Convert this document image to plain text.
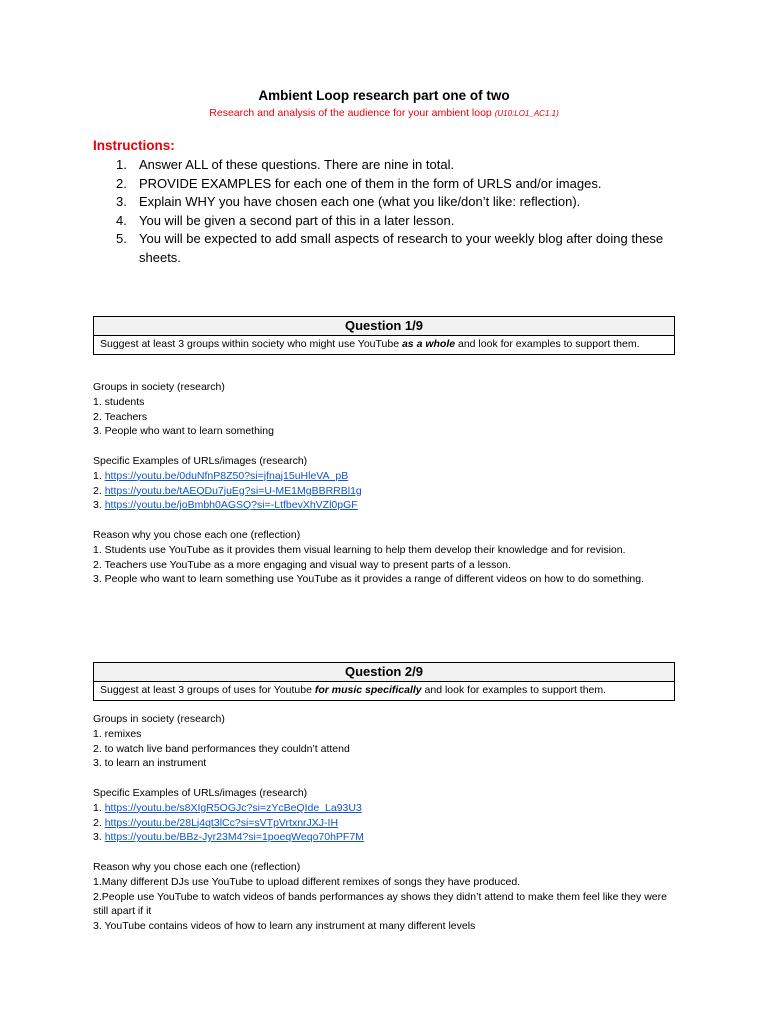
Ambient Loop research part one of two
Research and analysis of the audience for your ambient loop (U10:LO1_AC1.1)
Instructions:
1. Answer ALL of these questions. There are nine in total.
2. PROVIDE EXAMPLES for each one of them in the form of URLS and/or images.
3. Explain WHY you have chosen each one (what you like/don’t like: reflection).
4. You will be given a second part of this in a later lesson.
5. You will be expected to add small aspects of research to your weekly blog after doing these sheets.
Question 1/9
Suggest at least 3 groups within society who might use YouTube as a whole and look for examples to support them.
Groups in society (research)
1. students
2. Teachers
3. People who want to learn something
Specific Examples of URLs/images (research)
1. https://youtu.be/0duNfnP8Z50?si=jfnaj15uHleVA_pB
2. https://youtu.be/tAEQDu7juEg?si=U-ME1MgBBRRBl1g
3. https://youtu.be/joBmbh0AGSQ?si=-LtfbevXhVZl0pGF
Reason why you chose each one (reflection)
1. Students use YouTube as it provides them visual learning to help them develop their knowledge and for revision.
2. Teachers use YouTube as a more engaging and visual way to present parts of a lesson.
3. People who want to learn something use YouTube as it provides a range of different videos on how to do something.
Question 2/9
Suggest at least 3 groups of uses for Youtube for music specifically and look for examples to support them.
Groups in society (research)
1. remixes
2. to watch live band performances they couldn’t attend
3. to learn an instrument
Specific Examples of URLs/images (research)
1. https://youtu.be/s8XIgR5OGJc?si=zYcBeQIde_La93U3
2. https://youtu.be/28Lj4qt3lCc?si=sVTpVrtxnrJXJ-IH
3. https://youtu.be/BBz-Jyr23M4?si=1poeqWeqo70hPF7M
Reason why you chose each one (reflection)
1.Many different DJs use YouTube to upload different remixes of songs they have produced.
2.People use YouTube to watch videos of bands performances ay shows they didn’t attend to make them feel like they were still apart if it
3. YouTube contains videos of how to learn any instrument at many different levels
